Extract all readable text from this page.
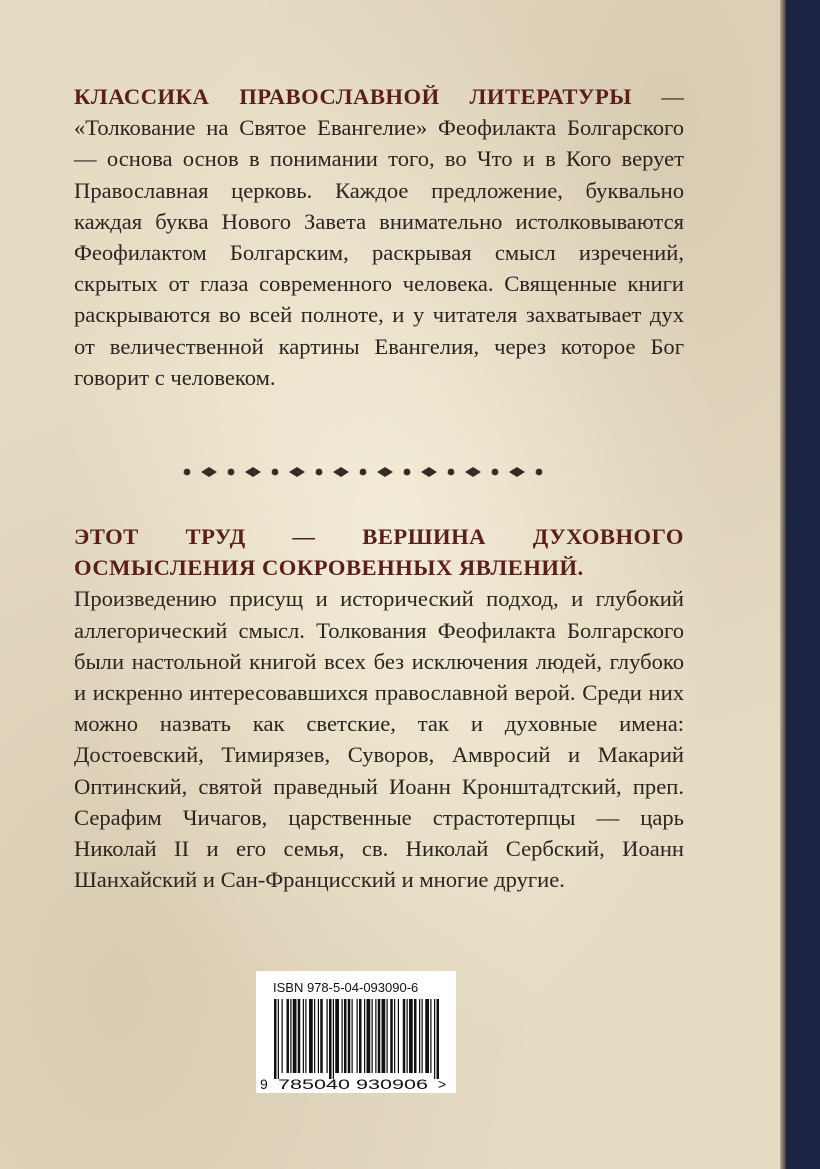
КЛАССИКА ПРАВОСЛАВНОЙ ЛИТЕРАТУРЫ — «Толкование на Святое Евангелие» Феофилакта Болгарского — основа основ в понимании того, во Что и в Кого верует Православная церковь. Каждое предложение, буквально каждая буква Нового Завета внимательно истолковываются Феофилактом Болгарским, раскрывая смысл изречений, скрытых от глаза современного человека. Священные книги раскрываются во всей полноте, и у читателя захватывает дух от величественной картины Евангелия, через которое Бог говорит с человеком.

ЭТОТ ТРУД — ВЕРШИНА ДУХОВНОГО ОСМЫСЛЕНИЯ СОКРОВЕННЫХ ЯВЛЕНИЙ.
Произведению присущ и исторический подход, и глубокий аллегорический смысл. Толкования Феофилакта Болгарского были настольной книгой всех без исключения людей, глубоко и искренно интересовавшихся православной верой. Среди них можно назвать как светские, так и духовные имена: Достоевский, Тимирязев, Суворов, Амвросий и Макарий Оптинский, святой праведный Иоанн Кронштадтский, преп. Серафим Чичагов, царственные страстотерпцы — царь Николай II и его семья, св. Николай Сербский, Иоанн Шанхайский и Сан-Францисский и многие другие.

ISBN 978-5-04-093090-6
9 785040 930906 >
